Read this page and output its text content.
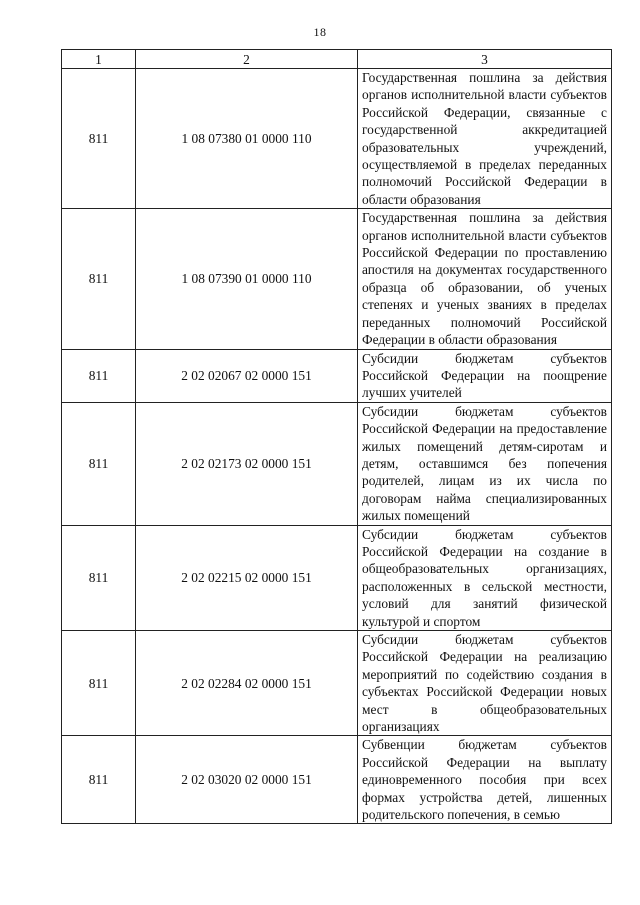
18
1	2	3
811	1 08 07380 01 0000 110	Государственная пошлина за действия органов исполнительной власти субъектов Российской Федерации, связанные с государственной аккредитацией образовательных учреждений, осуществляемой в пределах переданных полномочий Российской Федерации в области образования
811	1 08 07390 01 0000 110	Государственная пошлина за действия органов исполнительной власти субъектов Российской Федерации по проставлению апостиля на документах государственного образца об образовании, об ученых степенях и ученых званиях в пределах переданных полномочий Российской Федерации в области образования
811	2 02 02067 02 0000 151	Субсидии бюджетам субъектов Российской Федерации на поощрение лучших учителей
811	2 02 02173 02 0000 151	Субсидии бюджетам субъектов Российской Федерации на предоставление жилых помещений детям-сиротам и детям, оставшимся без попечения родителей, лицам из их числа по договорам найма специализированных жилых помещений
811	2 02 02215 02 0000 151	Субсидии бюджетам субъектов Российской Федерации на создание в общеобразовательных организациях, расположенных в сельской местности, условий для занятий физической культурой и спортом
811	2 02 02284 02 0000 151	Субсидии бюджетам субъектов Российской Федерации на реализацию мероприятий по содействию создания в субъектах Российской Федерации новых мест в общеобразовательных организациях
811	2 02 03020 02 0000 151	Субвенции бюджетам субъектов Российской Федерации на выплату единовременного пособия при всех формах устройства детей, лишенных родительского попечения, в семью
